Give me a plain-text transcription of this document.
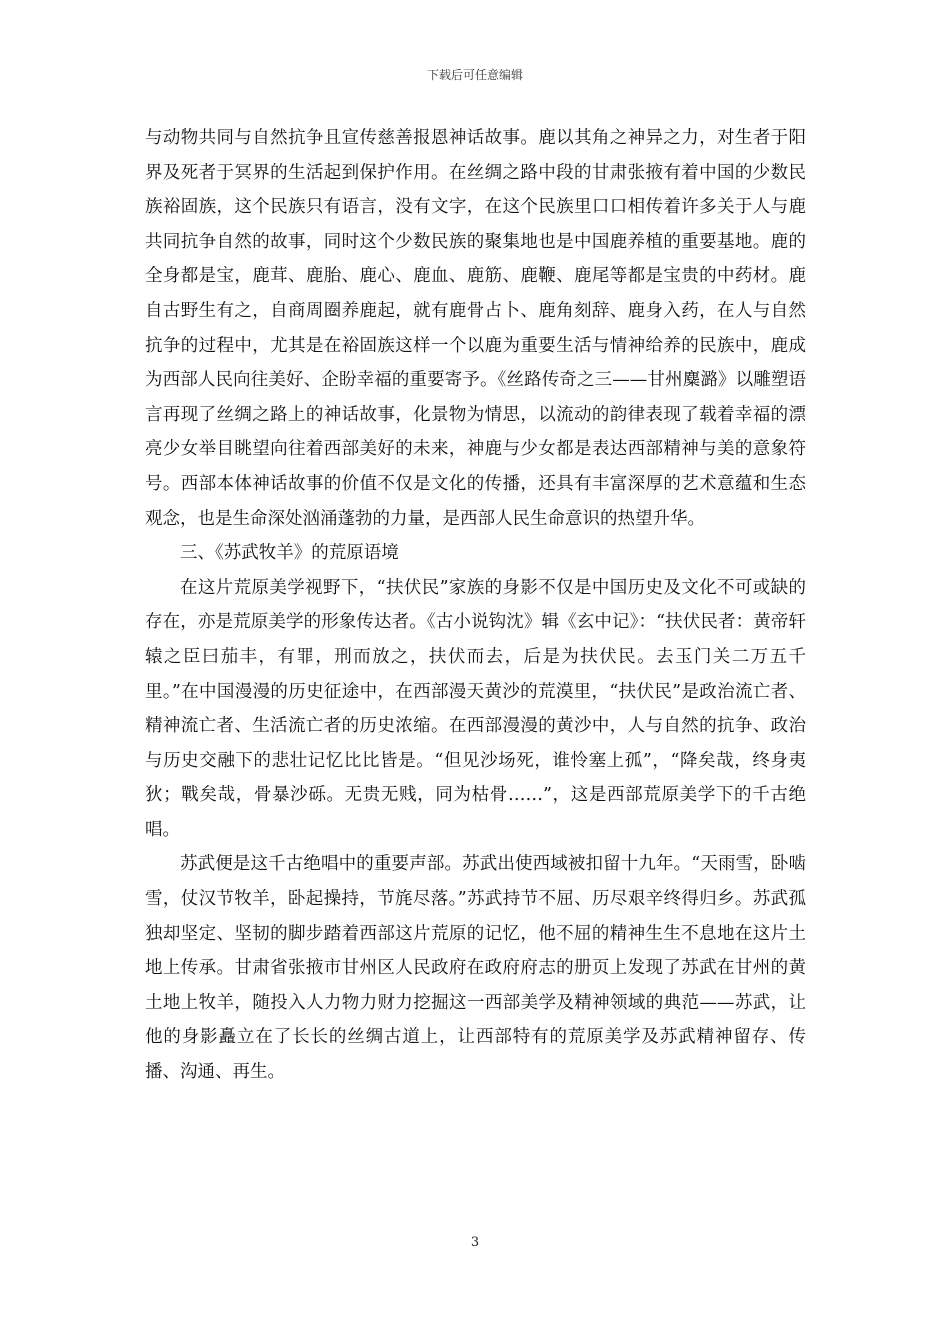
下载后可任意编辑

与动物共同与自然抗争且宣传慈善报恩神话故事。鹿以其角之神异之力，对生者于阳界及死者于冥界的生活起到保护作用。在丝绸之路中段的甘肃张掖有着中国的少数民族裕固族，这个民族只有语言，没有文字，在这个民族里口口相传着许多关于人与鹿共同抗争自然的故事，同时这个少数民族的聚集地也是中国鹿养植的重要基地。鹿的全身都是宝，鹿茸、鹿胎、鹿心、鹿血、鹿筋、鹿鞭、鹿尾等都是宝贵的中药材。鹿自古野生有之，自商周圈养鹿起，就有鹿骨占卜、鹿角刻辞、鹿身入药，在人与自然抗争的过程中，尤其是在裕固族这样一个以鹿为重要生活与情神给养的民族中，鹿成为西部人民向往美好、企盼幸福的重要寄予。《丝路传奇之三——甘州麋潞》以雕塑语言再现了丝绸之路上的神话故事，化景物为情思，以流动的韵律表现了载着幸福的漂亮少女举目眺望向往着西部美好的未来，神鹿与少女都是表达西部精神与美的意象符号。西部本体神话故事的价值不仅是文化的传播，还具有丰富深厚的艺术意蕴和生态观念，也是生命深处汹涌蓬勃的力量，是西部人民生命意识的热望升华。

三、《苏武牧羊》的荒原语境

在这片荒原美学视野下，“扶伏民”家族的身影不仅是中国历史及文化不可或缺的存在，亦是荒原美学的形象传达者。《古小说钩沈》辑《玄中记》：“扶伏民者：黄帝轩辕之臣曰茄丰，有罪，刑而放之，扶伏而去，后是为扶伏民。去玉门关二万五千里。”在中国漫漫的历史征途中，在西部漫天黄沙的荒漠里，“扶伏民”是政治流亡者、精神流亡者、生活流亡者的历史浓缩。在西部漫漫的黄沙中，人与自然的抗争、政治与历史交融下的悲壮记忆比比皆是。“但见沙场死，谁怜塞上孤”，“降矣哉，终身夷狄；戰矣哉，骨暴沙砾。无贵无贱，同为枯骨……”，这是西部荒原美学下的千古绝唱。

苏武便是这千古绝唱中的重要声部。苏武出使西域被扣留十九年。“天雨雪，卧啮雪，仗汉节牧羊，卧起操持，节旄尽落。”苏武持节不屈、历尽艰辛终得归乡。苏武孤独却坚定、坚韧的脚步踏着西部这片荒原的记忆，他不屈的精神生生不息地在这片土地上传承。甘肃省张掖市甘州区人民政府在政府府志的册页上发现了苏武在甘州的黄土地上牧羊，随投入人力物力财力挖掘这一西部美学及精神领域的典范——苏武，让他的身影矗立在了长长的丝绸古道上，让西部特有的荒原美学及苏武精神留存、传播、沟通、再生。

3
